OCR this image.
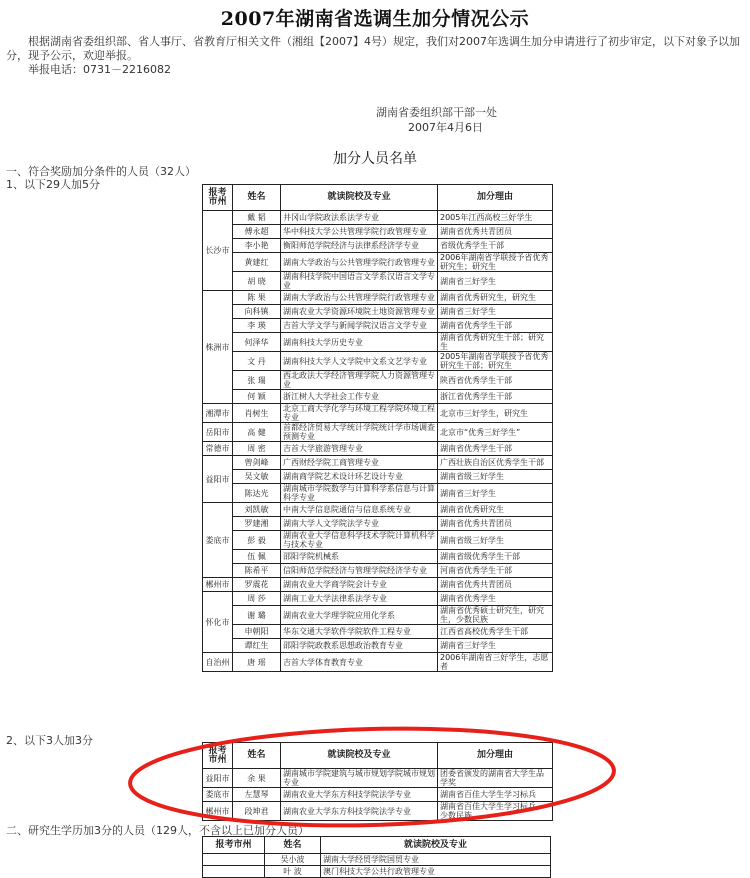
2007年湖南省选调生加分情况公示

根据湖南省委组织部、省人事厅、省教育厅相关文件（湘组【2007】4号）规定，我们对2007年选调生加分申请进行了初步审定，以下对象予以加分，现予公示，欢迎举报。

举报电话：0731－2216082

湖南省委组织部干部一处
2007年4月6日
加分人员名单
一、符合奖励加分条件的人员（32人）
1、以下29人加5分
报考市州	姓名	就读院校及专业	加分理由
长沙市	戴 韬	井冈山学院政法系法学专业	2005年江西高校三好学生
	傅永超	华中科技大学公共管理学院行政管理专业	湖南省优秀共青团员
	李小艳	衡阳师范学院经济与法律系经济学专业	省级优秀学生干部
	黄建红	湖南大学政治与公共管理学院行政管理专业	2006年湖南省学联授予省优秀研究生；研究生
	胡 晓	湖南科技学院中国语言文学系汉语言文学专业	湖南省三好学生
株洲市	陈 果	湖南大学政治与公共管理学院行政管理专业	湖南省优秀研究生，研究生
	向科镇	湖南农业大学资源环境院土地资源管理专业	湖南省三好学生
	李 瑛	吉首大学文学与新闻学院汉语言文学专业	湖南省优秀学生干部
	何泽华	湖南科技大学历史专业	湖南省优秀研究生干部；研究生
	文 丹	湖南科技大学人文学院中文系文艺学专业	2005年湖南省学联授予省优秀研究生干部；研究生
	张 瑞	西北政法大学经济管理学院人力资源管理专业	陕西省优秀学生干部
	何 颖	浙江树人大学社会工作专业	浙江省优秀学生干部
湘潭市	肖树生	北京工商大学化学与环境工程学院环境工程专业	北京市三好学生，研究生
岳阳市	高 健	首都经济贸易大学统计学院统计学市场调查预测专业	北京市“优秀三好学生”
常德市	周 密	吉首大学旅游管理专业	湖南省优秀学生干部
益阳市	曾剑峰	广西财经学院工商管理专业	广西壮族自治区优秀学生干部
	吴文敏	湖南商学院艺术设计环艺设计专业	湖南省级三好学生
	陈达光	湖南城市学院数学与计算科学系信息与计算科学专业	湖南省三好学生
娄底市	刘凯敏	中南大学信息院通信与信息系统专业	湖南省优秀研究生
	罗建湘	湖南大学人文学院法学专业	湖南省优秀共青团员
	彭 毅	湖南农业大学信息科学技术学院计算机科学与技术专业	湖南省级三好学生
	伍 佩	邵阳学院机械系	湖南省级优秀学生干部
	陈希平	信阳师范学院经济与管理学院经济学专业	河南省优秀学生干部
郴州市	罗震花	湖南农业大学商学院会计专业	湖南省优秀共青团员
怀化市	周 莎	湖南工业大学法律系法学专业	湖南省优秀学生
	谢 璐	湖南农业大学理学院应用化学系	湖南省优秀硕士研究生，研究生，少数民族
	申朝阳	华东交通大学软件学院软件工程专业	江西省高校优秀学生干部
	谭红生	邵阳学院政教系思想政治教育专业	湖南省三好学生
自治州	唐 瑶	吉首大学体育教育专业	2006年湖南省三好学生，志愿者
2、以下3人加3分
报考市州	姓名	就读院校及专业	加分理由
益阳市	余 果	湖南城市学院建筑与城市规划学院城市规划专业	团委省颁发的湖南省大学生品学奖
娄底市	左慧琴	湖南农业大学东方科技学院法学专业	湖南省百佳大学生学习标兵
郴州市	段坤君	湖南农业大学东方科技学院法学专业	湖南省百佳大学生学习标兵，少数民族
二、研究生学历加3分的人员（129人，不含以上已加分人员）
报考市州	姓名	就读院校及专业
	吴小波	湖南大学经贸学院国贸专业
	叶 波	澳门科技大学公共行政管理专业
